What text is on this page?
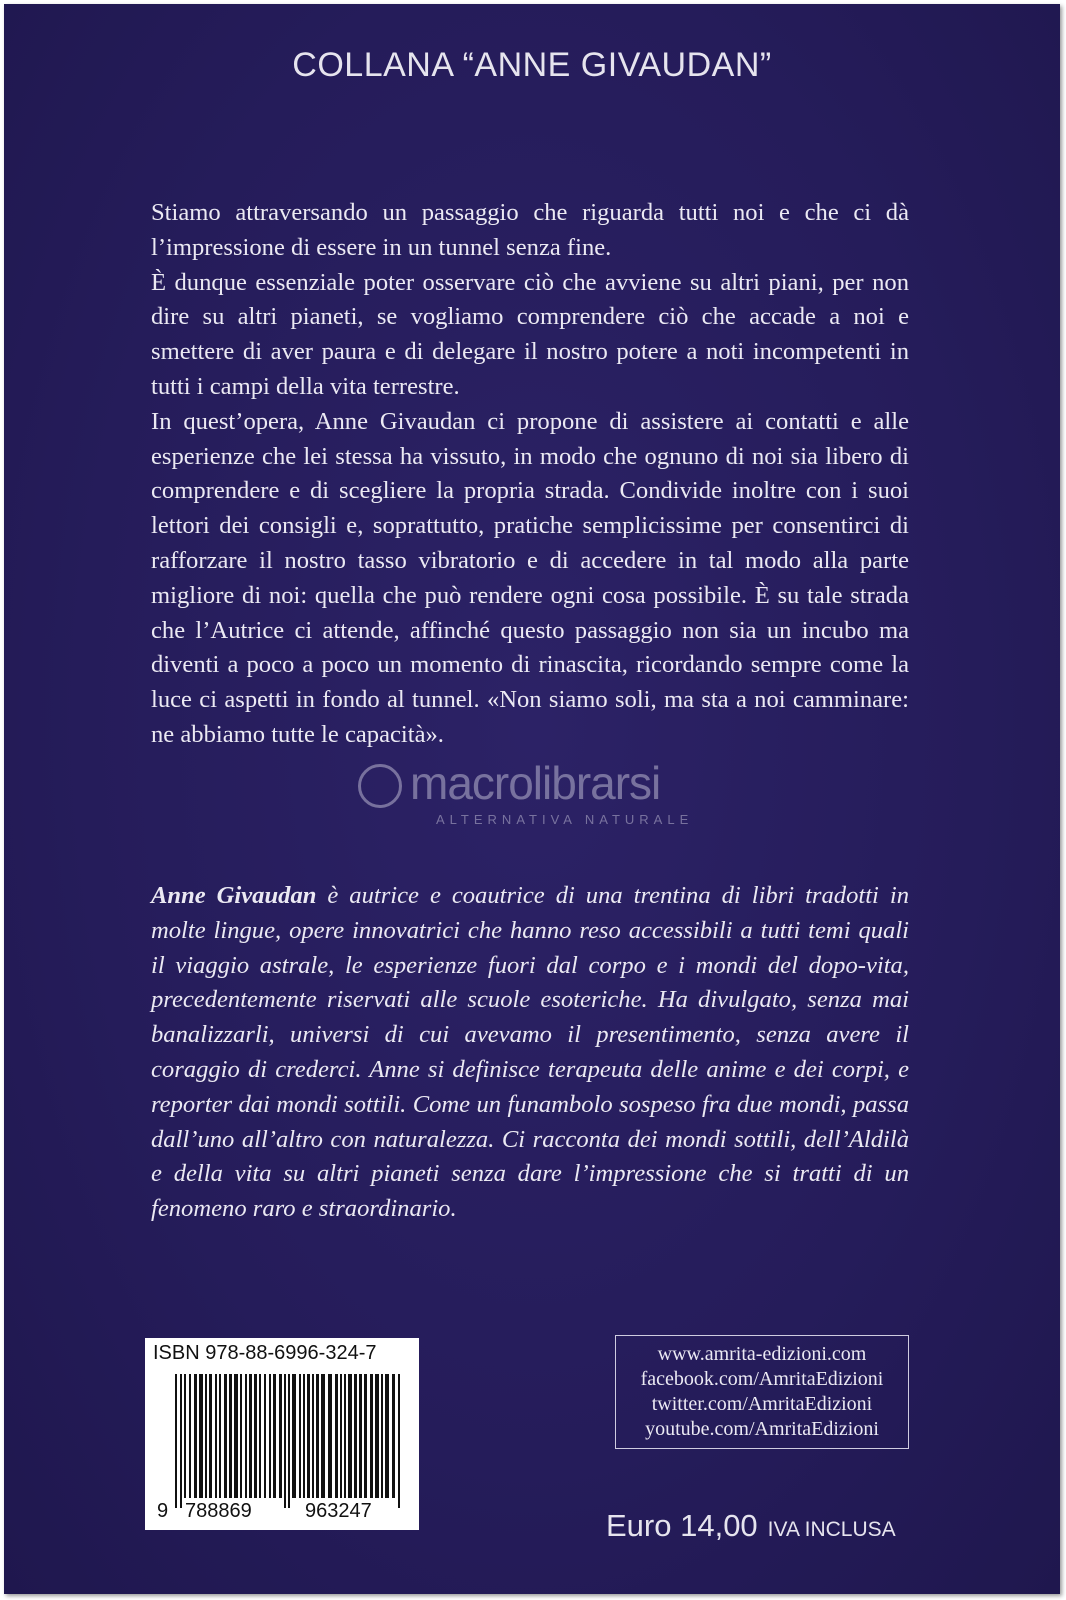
COLLANA “ANNE GIVAUDAN”

Stiamo attraversando un passaggio che riguarda tutti noi e che ci dà l’impressione di essere in un tunnel senza fine.

È dunque essenziale poter osservare ciò che avviene su altri piani, per non dire su altri pianeti, se vogliamo comprendere ciò che accade a noi e smettere di aver paura e di delegare il nostro potere a noti incompetenti in tutti i campi della vita terrestre.

In quest’opera, Anne Givaudan ci propone di assistere ai contatti e alle esperienze che lei stessa ha vissuto, in modo che ognuno di noi sia libero di comprendere e di scegliere la propria strada. Condivide inoltre con i suoi lettori dei consigli e, soprattutto, pratiche semplicissime per consentirci di rafforzare il nostro tasso vibratorio e di accedere in tal modo alla parte migliore di noi: quella che può rendere ogni cosa possibile. È su tale strada che l’Autrice ci attende, affinché questo passaggio non sia un incubo ma diventi a poco a poco un momento di rinascita, ricordando sempre come la luce ci aspetti in fondo al tunnel. «Non siamo soli, ma sta a noi camminare: ne abbiamo tutte le capacità».

macrolibrarsi
ALTERNATIVA NATURALE
Anne Givaudan è autrice e coautrice di una trentina di libri tradotti in molte lingue, opere innovatrici che hanno reso accessibili a tutti temi quali il viaggio astrale, le esperienze fuori dal corpo e i mondi del dopo-vita, precedentemente riservati alle scuole esoteriche. Ha divulgato, senza mai banalizzarli, universi di cui avevamo il presentimento, senza avere il coraggio di crederci. Anne si definisce terapeuta delle anime e dei corpi, e reporter dai mondi sottili. Come un funambolo sospeso fra due mondi, passa dall’uno all’altro con naturalezza. Ci racconta dei mondi sottili, dell’Aldilà e della vita su altri pianeti senza dare l’impressione che si tratti di un fenomeno raro e straordinario.
ISBN 978-88-6996-324-7
9 788869	963247
www.amrita-edizioni.com
facebook.com/AmritaEdizioni
twitter.com/AmritaEdizioni
youtube.com/AmritaEdizioni
Euro 14,00 IVA INCLUSA
